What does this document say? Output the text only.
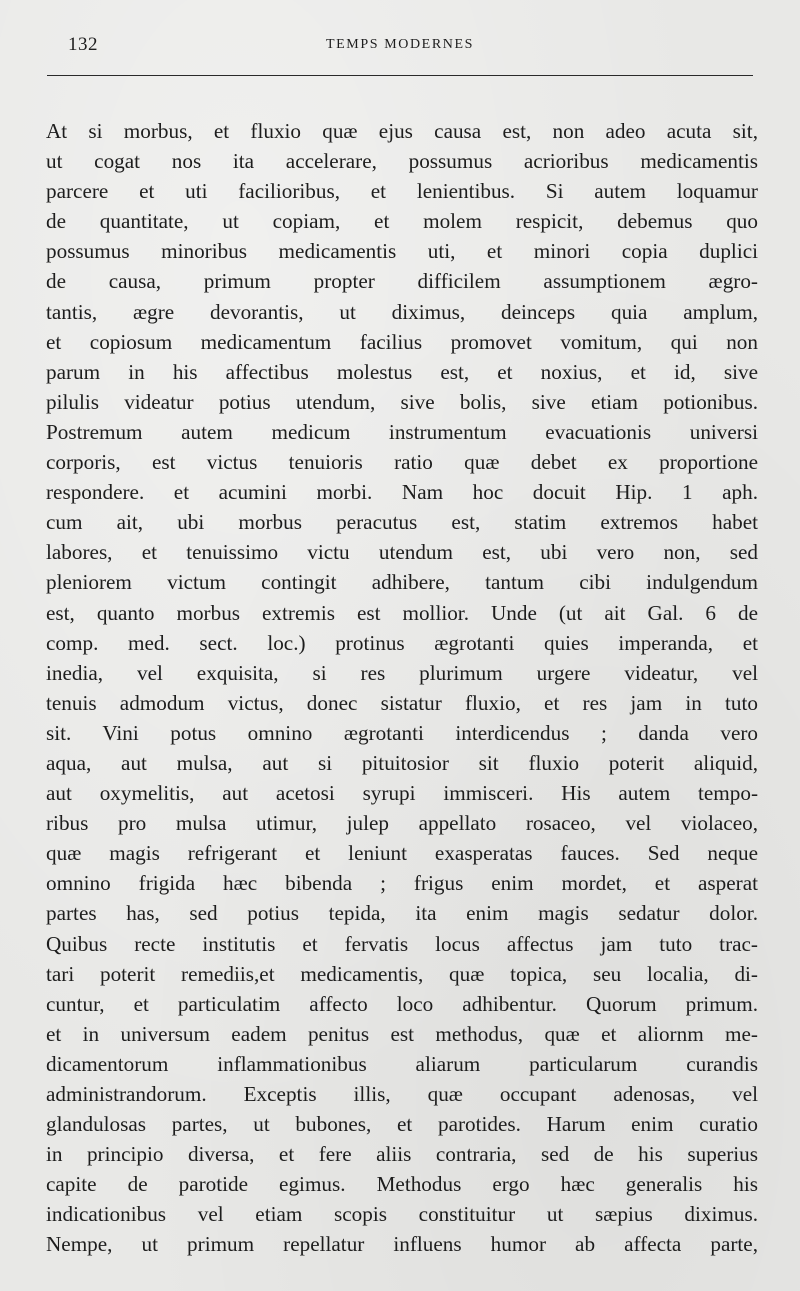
132	TEMPS MODERNES
At si morbus, et fluxio quæ ejus causa est, non adeo acuta sit,
ut cogat nos ita accelerare, possumus acrioribus medicamentis
parcere et uti facilioribus, et lenientibus. Si autem loquamur
de quantitate, ut copiam, et molem respicit, debemus quo
possumus minoribus medicamentis uti, et minori copia duplici
de causa, primum propter difficilem assumptionem ægro-
tantis, ægre devorantis, ut diximus, deinceps quia amplum,
et copiosum medicamentum facilius promovet vomitum, qui non
parum in his affectibus molestus est, et noxius, et id, sive
pilulis videatur potius utendum, sive bolis, sive etiam potionibus.
Postremum autem medicum instrumentum evacuationis universi
corporis, est victus tenuioris ratio quæ debet ex proportione
respondere. et acumini morbi. Nam hoc docuit Hip. 1 aph.
cum ait, ubi morbus peracutus est, statim extremos habet
labores, et tenuissimo victu utendum est, ubi vero non, sed
pleniorem victum contingit adhibere, tantum cibi indulgendum
est, quanto morbus extremis est mollior. Unde (ut ait Gal. 6 de
comp. med. sect. loc.) protinus ægrotanti quies imperanda, et
inedia, vel exquisita, si res plurimum urgere videatur, vel
tenuis admodum victus, donec sistatur fluxio, et res jam in tuto
sit. Vini potus omnino ægrotanti interdicendus ; danda vero
aqua, aut mulsa, aut si pituitosior sit fluxio poterit aliquid,
aut oxymelitis, aut acetosi syrupi immisceri. His autem tempo-
ribus pro mulsa utimur, julep appellato rosaceo, vel violaceo,
quæ magis refrigerant et leniunt exasperatas fauces. Sed neque
omnino frigida hæc bibenda ; frigus enim mordet, et asperat
partes has, sed potius tepida, ita enim magis sedatur dolor.
Quibus recte institutis et fervatis locus affectus jam tuto trac-
tari poterit remediis,et medicamentis, quæ topica, seu localia, di-
cuntur, et particulatim affecto loco adhibentur. Quorum primum.
et in universum eadem penitus est methodus, quæ et aliornm me-
dicamentorum inflammationibus aliarum particularum curandis
administrandorum. Exceptis illis, quæ occupant adenosas, vel
glandulosas partes, ut bubones, et parotides. Harum enim curatio
in principio diversa, et fere aliis contraria, sed de his superius
capite de parotide egimus. Methodus ergo hæc generalis his
indicationibus vel etiam scopis constituitur ut sæpius diximus.
Nempe, ut primum repellatur influens humor ab affecta parte,
